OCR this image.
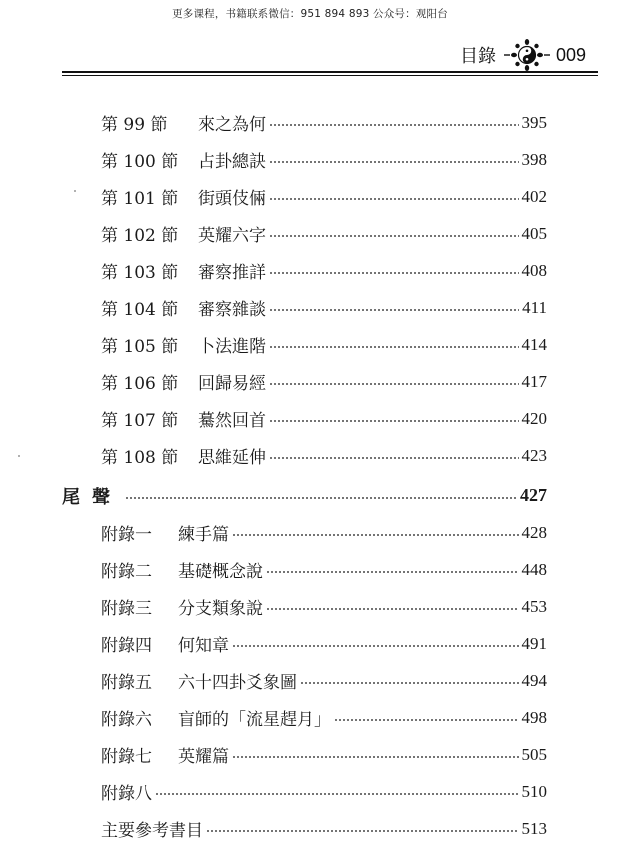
更多课程，书籍联系微信：951 894 893 公众号：观阳台
目錄	009
第 99 節	來之為何	395
第 100 節	占卦總訣	398
第 101 節	街頭伎倆	402
第 102 節	英耀六字	405
第 103 節	審察推詳	408
第 104 節	審察雜談	411
第 105 節	卜法進階	414
第 106 節	回歸易經	417
第 107 節	驀然回首	420
第 108 節	思維延伸	423
尾聲	427
附錄一	練手篇	428
附錄二	基礎概念說	448
附錄三	分支類象說	453
附錄四	何知章	491
附錄五	六十四卦爻象圖	494
附錄六	盲師的「流星趕月」	498
附錄七	英耀篇	505
附錄八	510
主要參考書目	513
